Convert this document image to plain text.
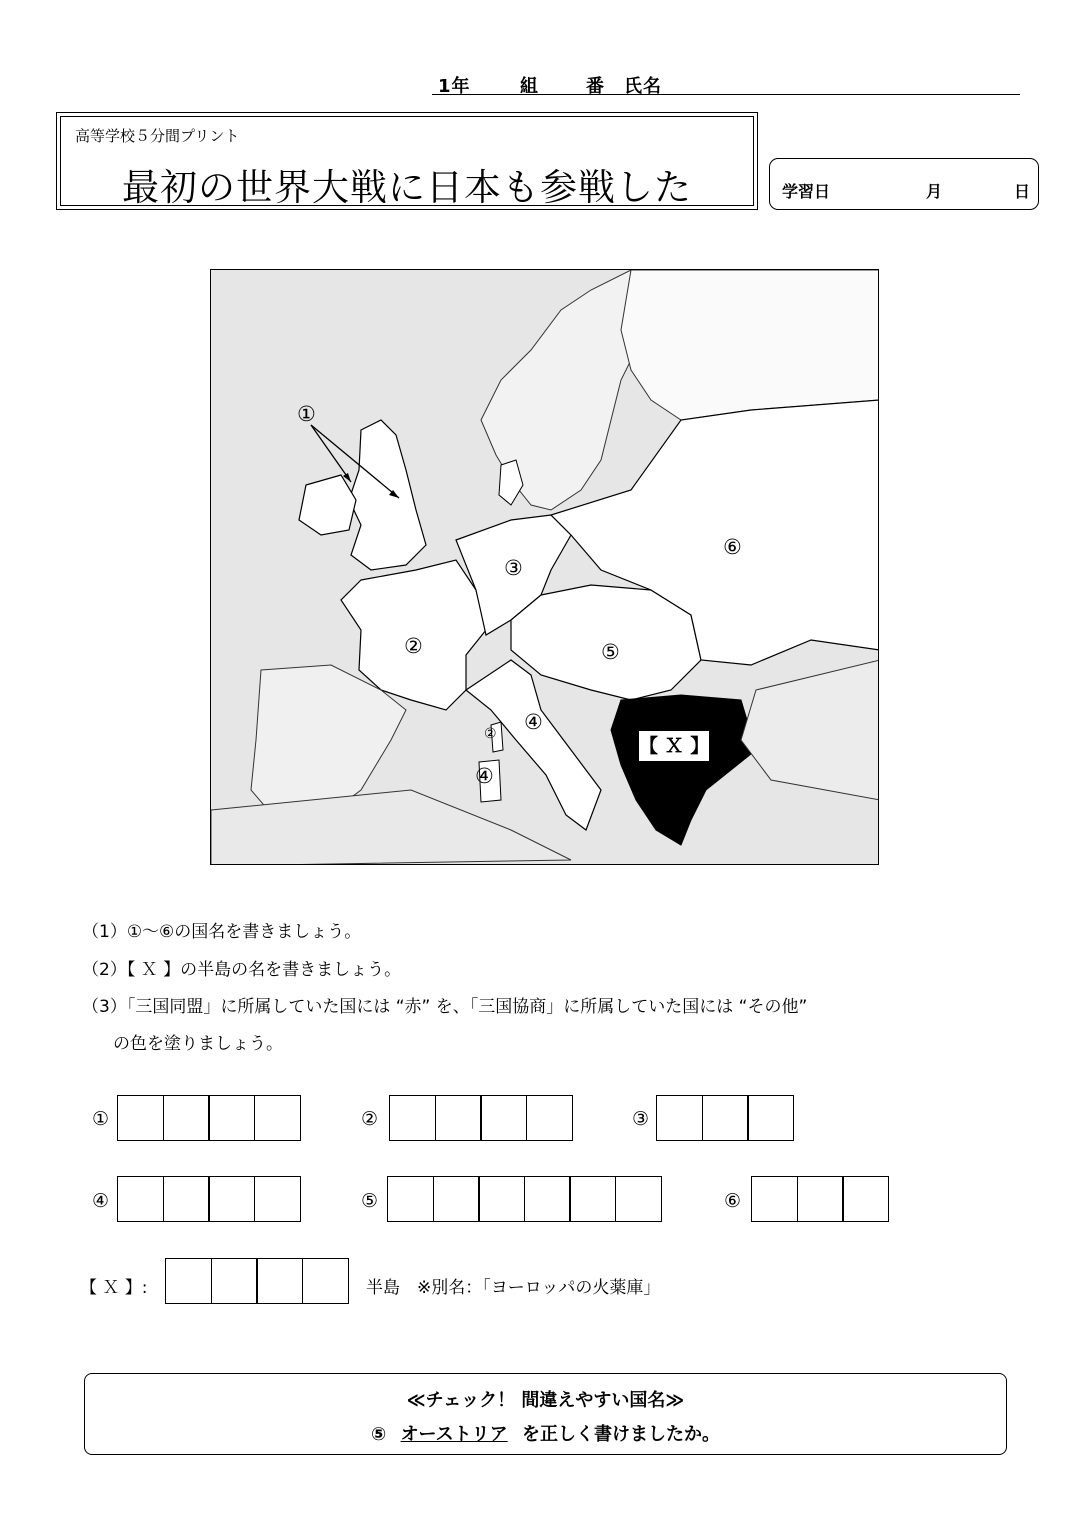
1年	組	番 氏名
高等学校５分間プリント
最初の世界大戦に日本も参戦した	学習日	月	日
①
②
③
④
②
④
⑤
⑥
【 Ｘ 】
（1）①〜⑥の国名を書きましょう。
（2）【 Ｘ 】の半島の名を書きましょう。
（3）「三国同盟」に所属していた国には “赤” を、「三国協商」に所属していた国には “その他”
の色を塗りましょう。
①	②	③
④	⑤	⑥
【 Ｘ 】:	半島　※別名：「ヨーロッパの火薬庫」
≪チェック！ 間違えやすい国名≫
⑤ オーストリア を正しく書けましたか。
